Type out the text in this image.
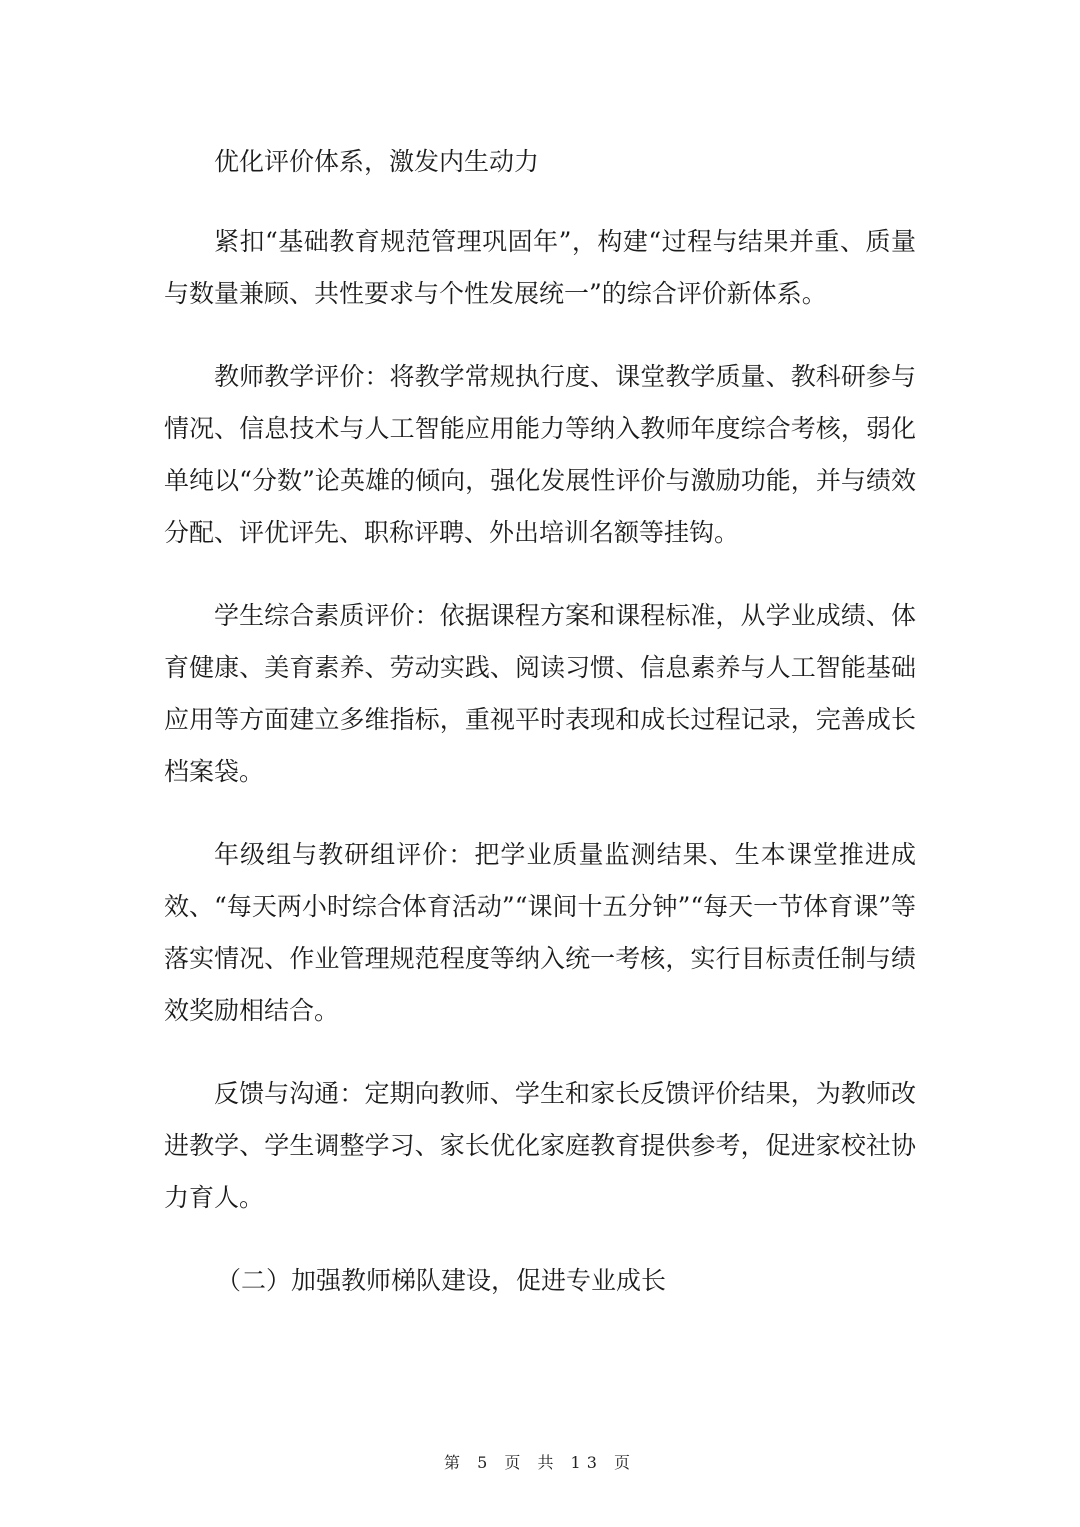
优化评价体系，激发内生动力

紧扣“基础教育规范管理巩固年”，构建“过程与结果并重、质量与数量兼顾、共性要求与个性发展统一”的综合评价新体系。

教师教学评价：将教学常规执行度、课堂教学质量、教科研参与情况、信息技术与人工智能应用能力等纳入教师年度综合考核，弱化单纯以“分数”论英雄的倾向，强化发展性评价与激励功能，并与绩效分配、评优评先、职称评聘、外出培训名额等挂钩。

学生综合素质评价：依据课程方案和课程标准，从学业成绩、体育健康、美育素养、劳动实践、阅读习惯、信息素养与人工智能基础应用等方面建立多维指标，重视平时表现和成长过程记录，完善成长档案袋。

年级组与教研组评价：把学业质量监测结果、生本课堂推进成效、“每天两小时综合体育活动”“课间十五分钟”“每天一节体育课”等落实情况、作业管理规范程度等纳入统一考核，实行目标责任制与绩效奖励相结合。

反馈与沟通：定期向教师、学生和家长反馈评价结果，为教师改进教学、学生调整学习、家长优化家庭教育提供参考，促进家校社协力育人。

（二）加强教师梯队建设，促进专业成长

第 5 页 共 13 页
